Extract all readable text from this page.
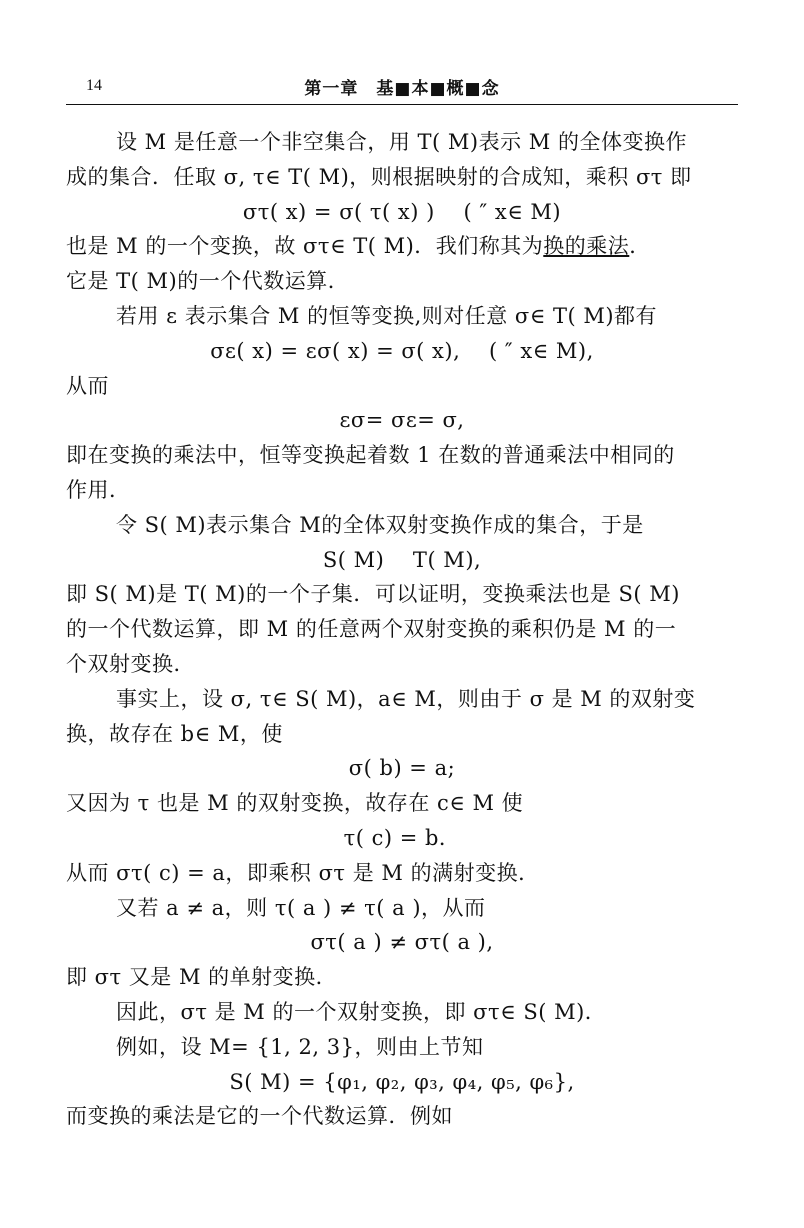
14	第一章　基■本■概■念
设 M 是任意一个非空集合，用 T( M)表示 M 的全体变换作
成的集合．任取 σ, τ∈ T( M)，则根据映射的合成知，乘积 στ 即
στ( x) = σ( τ( x) )　 ( ″ x∈ M)
也是 M 的一个变换，故 στ∈ T( M)．我们称其为换的乘法．
它是 T( M)的一个代数运算．
若用 ε 表示集合 M 的恒等变换,则对任意 σ∈ T( M)都有
σε( x) = εσ( x) = σ( x),　 ( ″ x∈ M),
从而
εσ= σε= σ,
即在变换的乘法中，恒等变换起着数 1 在数的普通乘法中相同的
作用．
令 S( M)表示集合 M的全体双射变换作成的集合，于是
S( M)　 T( M),
即 S( M)是 T( M)的一个子集．可以证明，变换乘法也是 S( M)
的一个代数运算，即 M 的任意两个双射变换的乘积仍是 M 的一
个双射变换．
事实上，设 σ, τ∈ S( M)，a∈ M，则由于 σ 是 M 的双射变
换，故存在 b∈ M，使
σ( b) = a;
又因为 τ 也是 M 的双射变换，故存在 c∈ M 使
τ( c) = b．
从而 στ( c) = a，即乘积 στ 是 M 的满射变换．
又若 a ≠ a，则 τ( a ) ≠ τ( a )，从而
στ( a ) ≠ στ( a ),
即 στ 又是 M 的单射变换．
因此，στ 是 M 的一个双射变换，即 στ∈ S( M)．
例如，设 M= {1, 2, 3}，则由上节知
S( M) = {φ₁, φ₂, φ₃, φ₄, φ₅, φ₆},
而变换的乘法是它的一个代数运算．例如
